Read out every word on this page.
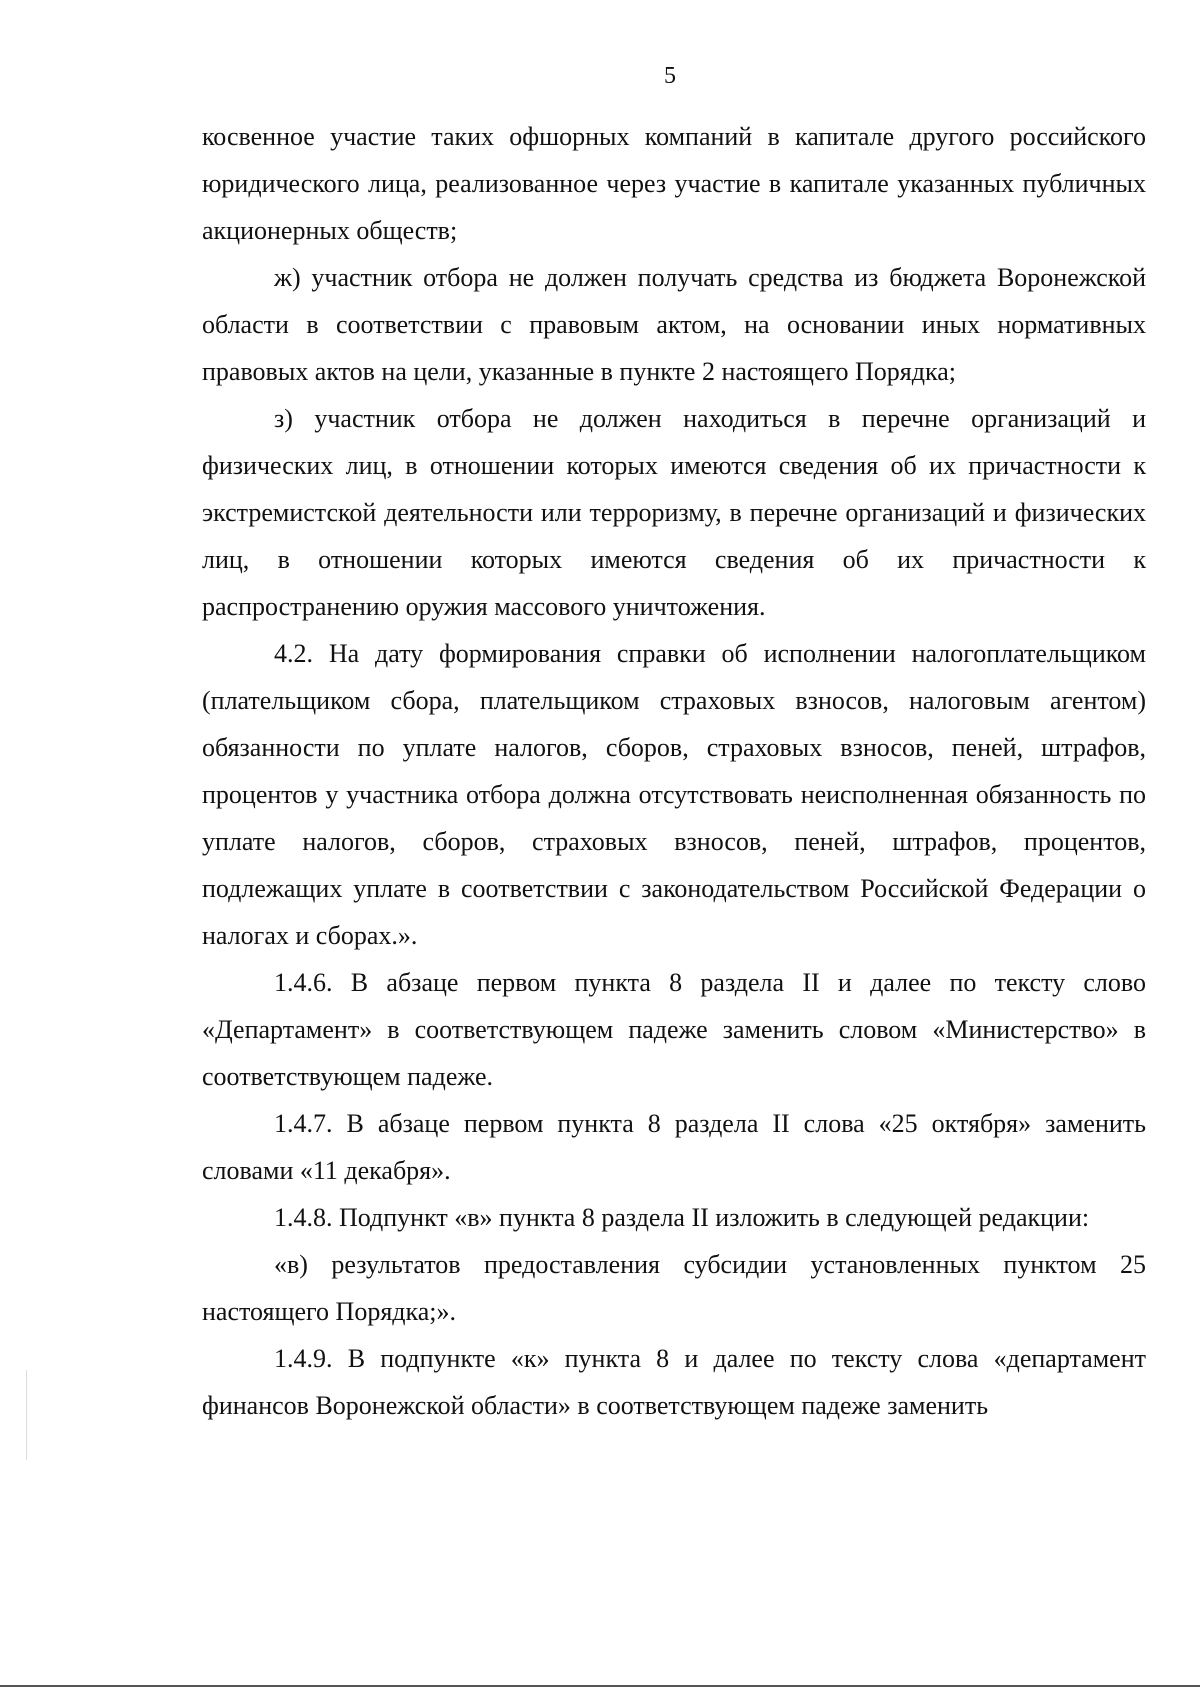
5

косвенное участие таких офшорных компаний в капитале другого российского юридического лица, реализованное через участие в капитале указанных публичных акционерных обществ;

ж) участник отбора не должен получать средства из бюджета Воронежской области в соответствии с правовым актом, на основании иных нормативных правовых актов на цели, указанные в пункте 2 настоящего Порядка;

з) участник отбора не должен находиться в перечне организаций и физических лиц, в отношении которых имеются сведения об их причастности к экстремистской деятельности или терроризму, в перечне организаций и физических лиц, в отношении которых имеются сведения об их причастности к распространению оружия массового уничтожения.

4.2. На дату формирования справки об исполнении налогоплательщиком (плательщиком сбора, плательщиком страховых взносов, налоговым агентом) обязанности по уплате налогов, сборов, страховых взносов, пеней, штрафов, процентов у участника отбора должна отсутствовать неисполненная обязанность по уплате налогов, сборов, страховых взносов, пеней, штрафов, процентов, подлежащих уплате в соответствии с законодательством Российской Федерации о налогах и сборах.».

1.4.6. В абзаце первом пункта 8 раздела II и далее по тексту слово «Департамент» в соответствующем падеже заменить словом «Министерство» в соответствующем падеже.

1.4.7. В абзаце первом пункта 8 раздела II слова «25 октября» заменить словами «11 декабря».

1.4.8. Подпункт «в» пункта 8 раздела II изложить в следующей редакции:

«в) результатов предоставления субсидии установленных пунктом 25 настоящего Порядка;».

1.4.9. В подпункте «к» пункта 8 и далее по тексту слова «департамент финансов Воронежской области» в соответствующем падеже заменить
